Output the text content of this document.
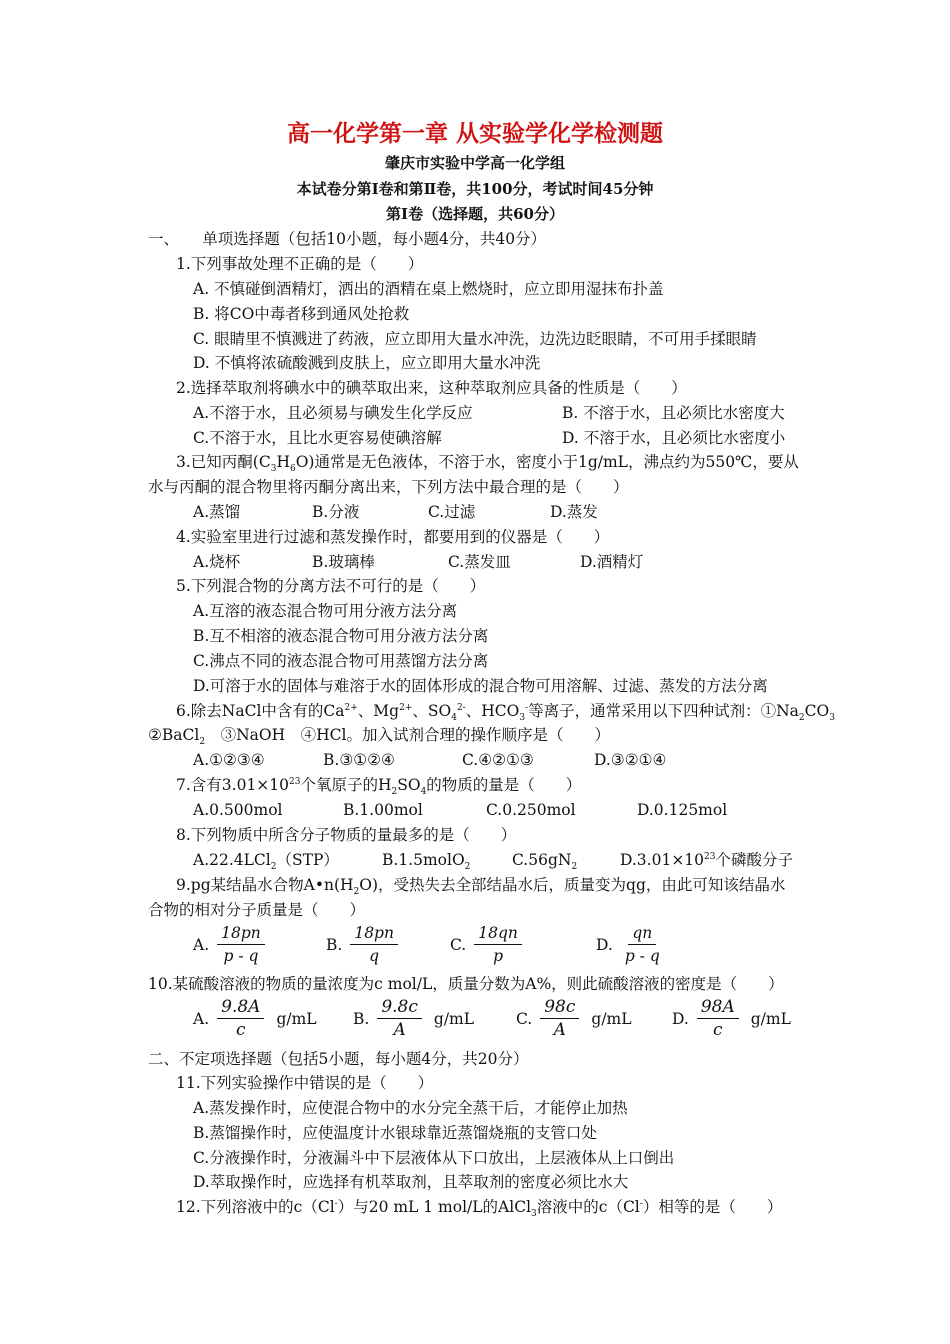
高一化学第一章 从实验学化学检测题
肇庆市实验中学高一化学组
本试卷分第Ⅰ卷和第Ⅱ卷，共100分，考试时间45分钟
第Ⅰ卷（选择题，共60分）
一、　　单项选择题（包括10小题，每小题4分，共40分）
1.下列事故处理不正确的是（　　）
A. 不慎碰倒酒精灯，洒出的酒精在桌上燃烧时，应立即用湿抹布扑盖
B. 将CO中毒者移到通风处抢救
C. 眼睛里不慎溅进了药液，应立即用大量水冲洗，边洗边眨眼睛，不可用手揉眼睛
D. 不慎将浓硫酸溅到皮肤上，应立即用大量水冲洗
2.选择萃取剂将碘水中的碘萃取出来，这种萃取剂应具备的性质是（　　）
A.不溶于水，且必须易与碘发生化学反应	B. 不溶于水，且必须比水密度大
C.不溶于水，且比水更容易使碘溶解	D. 不溶于水，且必须比水密度小
3.已知丙酮$(C_3H_6O)$通常是无色液体，不溶于水，密度小于1g/mL，沸点约为550℃，要从
水与丙酮的混合物里将丙酮分离出来，下列方法中最合理的是（　　）
A.蒸馏	B.分液	C.过滤	D.蒸发
4.实验室里进行过滤和蒸发操作时，都要用到的仪器是（　　）
A.烧杯	B.玻璃棒	C.蒸发皿	D.酒精灯
5.下列混合物的分离方法不可行的是（　　）
A.互溶的液态混合物可用分液方法分离
B.互不相溶的液态混合物可用分液方法分离
C.沸点不同的液态混合物可用蒸馏方法分离
D.可溶于水的固体与难溶于水的固体形成的混合物可用溶解、过滤、蒸发的方法分离
6.除去NaCl中含有的$Ca^{2+}$、$Mg^{2+}$、$SO_4^{2-}$、$HCO_3^-$等离子，通常采用以下四种试剂：$①Na_2CO_3$
②BaCl$_2$　③NaOH　④HCl。加入试剂合理的操作顺序是（　　）
A.①②③④	B.③①②④	C.④②①③	D.③②①④
7.含有$3.01\times 10^{23}$个氧原子的$H_2SO_4$的物质的量是（　　）
A.0.500mol	B.1.00mol	C.0.250mol	D.0.125mol
8.下列物质中所含分子物质的量最多的是（　　）
A.22.4LCl$_2$（STP）	B.1.5molO$_2$	$C.56gN_2$	$D.3.01\times 10^{23}$个磷酸分子
9.pg某结晶水合物$A•n(H_2O)$，受热失去全部结晶水后，质量变为qg，由此可知该结晶水
合物的相对分子质量是（　　）
A. $\frac{18pn}{p - q}$	B. $\frac{18pn}{q}$	C. $\frac{18qn}{p}$	D. $\frac{qn}{p - q}$
10.某硫酸溶液的物质的量浓度为c mol/L，质量分数为A%，则此硫酸溶液的密度是（　　）
A. $\frac{9.8A}{c} g/mL$ B. $\frac{9.8c}{A} g/mL$	C. $\frac{98c}{A} g/mL$	D. $\frac{98A}{c} g/mL$
二、不定项选择题（包括5小题，每小题4分，共20分）
11.下列实验操作中错误的是（　　）
A.蒸发操作时，应使混合物中的水分完全蒸干后，才能停止加热
B.蒸馏操作时，应使温度计水银球靠近蒸馏烧瓶的支管口处
C.分液操作时，分液漏斗中下层液体从下口放出，上层液体从上口倒出
D.萃取操作时，应选择有机萃取剂，且萃取剂的密度必须比水大
12.下列溶液中的c（Cl-）与20 mL 1 mol/L的AlCl$_3$溶液中的c（Cl-）相等的是（　　）
